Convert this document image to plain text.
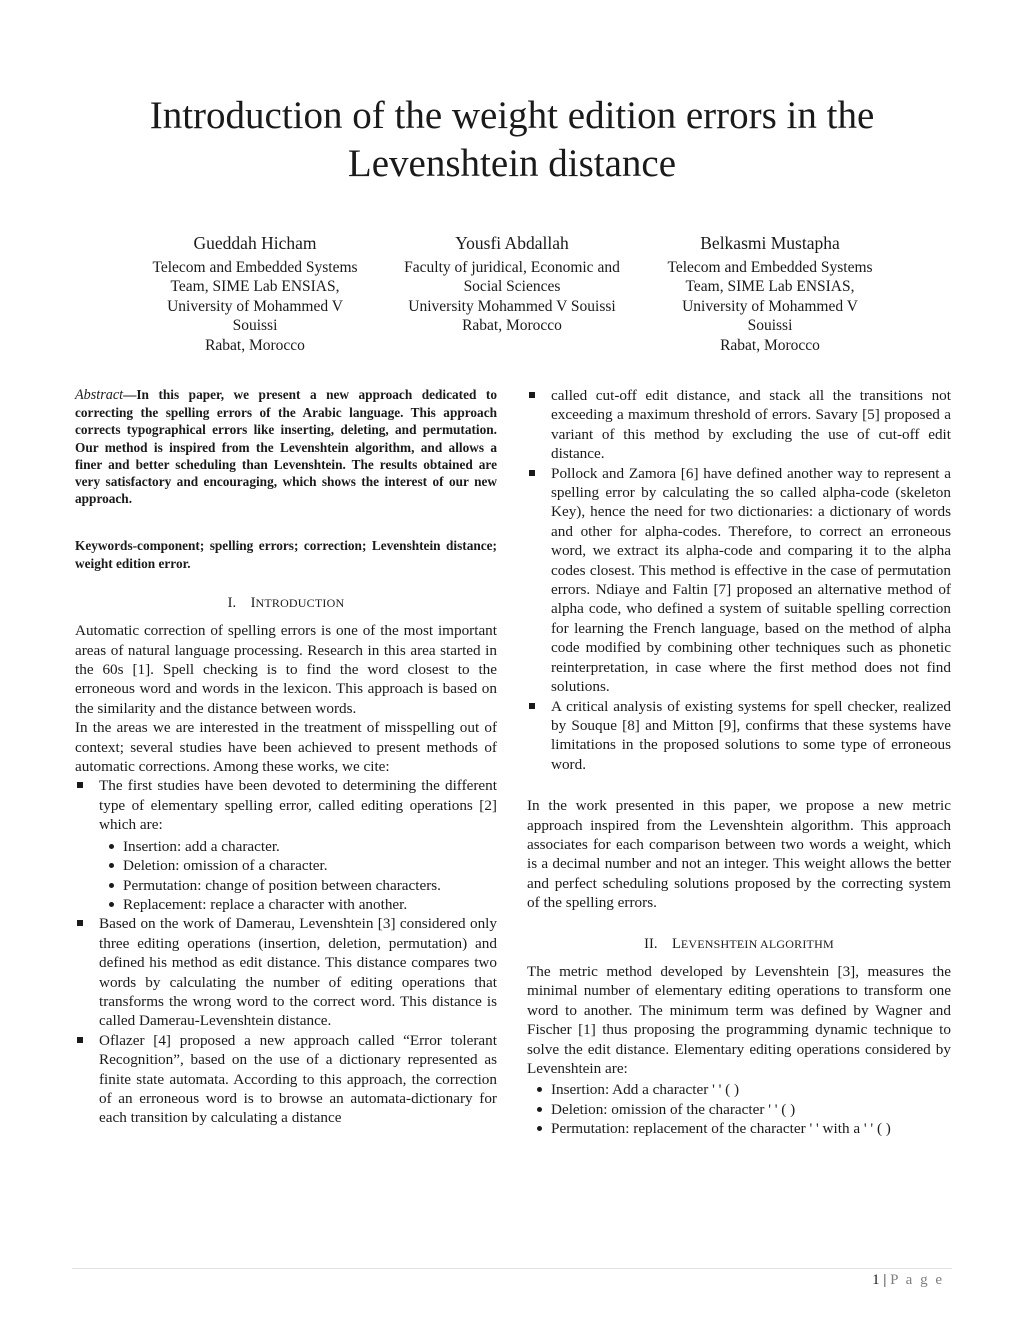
Introduction of the weight edition errors in the
Levenshtein distance
Gueddah Hicham
Telecom and Embedded Systems
Team, SIME Lab ENSIAS,
University of Mohammed V
Souissi
Rabat, Morocco
Yousfi Abdallah
Faculty of juridical, Economic and
Social Sciences
University Mohammed V Souissi
Rabat, Morocco
Belkasmi Mustapha
Telecom and Embedded Systems
Team, SIME Lab ENSIAS,
University of Mohammed V
Souissi
Rabat, Morocco

Abstract—In this paper, we present a new approach dedicated to correcting the spelling errors of the Arabic language. This approach corrects typographical errors like inserting, deleting, and permutation. Our method is inspired from the Levenshtein algorithm, and allows a finer and better scheduling than Levenshtein. The results obtained are very satisfactory and encouraging, which shows the interest of our new approach.

Keywords-component; spelling errors; correction; Levenshtein distance; weight edition error.

I. INTRODUCTION

Automatic correction of spelling errors is one of the most important areas of natural language processing. Research in this area started in the 60s [1]. Spell checking is to find the word closest to the erroneous word and words in the lexicon. This approach is based on the similarity and the distance between words.

In the areas we are interested in the treatment of misspelling out of context; several studies have been achieved to present methods of automatic corrections. Among these works, we cite:

The first studies have been devoted to determining the different type of elementary spelling error, called editing operations [2] which are:
Insertion: add a character.
Deletion: omission of a character.
Permutation: change of position between characters.
Replacement: replace a character with another.
Based on the work of Damerau, Levenshtein [3] considered only three editing operations (insertion, deletion, permutation) and defined his method as edit distance. This distance compares two words by calculating the number of editing operations that transforms the wrong word to the correct word. This distance is called Damerau-Levenshtein distance.
Oflazer [4] proposed a new approach called “Error tolerant Recognition”, based on the use of a dictionary represented as finite state automata. According to this approach, the correction of an erroneous word is to browse an automata-dictionary for each transition by calculating a distance
called cut-off edit distance, and stack all the transitions not exceeding a maximum threshold of errors. Savary [5] proposed a variant of this method by excluding the use of cut-off edit distance.
Pollock and Zamora [6] have defined another way to represent a spelling error by calculating the so called alpha-code (skeleton Key), hence the need for two dictionaries: a dictionary of words and other for alpha-codes. Therefore, to correct an erroneous word, we extract its alpha-code and comparing it to the alpha codes closest. This method is effective in the case of permutation errors. Ndiaye and Faltin [7] proposed an alternative method of alpha code, who defined a system of suitable spelling correction for learning the French language, based on the method of alpha code modified by combining other techniques such as phonetic reinterpretation, in case where the first method does not find solutions.
A critical analysis of existing systems for spell checker, realized by Souque [8] and Mitton [9], confirms that these systems have limitations in the proposed solutions to some type of erroneous word.

In the work presented in this paper, we propose a new metric approach inspired from the Levenshtein algorithm. This approach associates for each comparison between two words a weight, which is a decimal number and not an integer. This weight allows the better and perfect scheduling solutions proposed by the correcting system of the spelling errors.

II. LEVENSHTEIN ALGORITHM

The metric method developed by Levenshtein [3], measures the minimal number of elementary editing operations to transform one word to another. The minimum term was defined by Wagner and Fischer [1] thus proposing the programming dynamic technique to solve the edit distance. Elementary editing operations considered by Levenshtein are:

Insertion: Add a character ' ' ( )
Deletion: omission of the character ' ' ( )
Permutation: replacement of the character ' ' with a ' ' ( )
1 | P a g e
